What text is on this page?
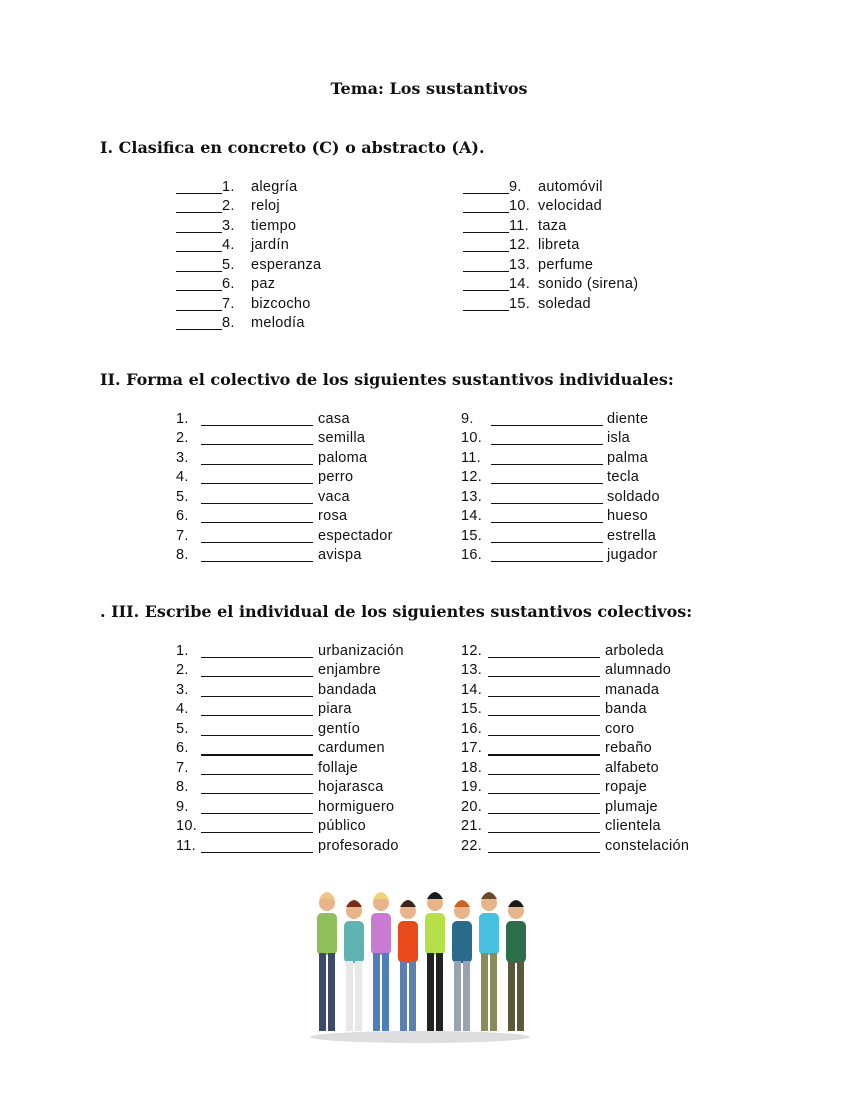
Tema: Los sustantivos
I. Clasifica en concreto (C) o abstracto (A).
II. Forma el colectivo de los siguientes sustantivos individuales:
. III. Escribe el individual de los siguientes sustantivos colectivos:
1. alegría
2. reloj
3. tiempo
4. jardín
5. esperanza
6. paz
7. bizcocho
8. melodía
9. automóvil
10. velocidad
11. taza
12. libreta
13. perfume
14. sonido (sirena)
15. soledad
1.	casa
2.	semilla
3.	paloma
4.	perro
5.	vaca
6.	rosa
7.	espectador
8.	avispa
9.	diente
10.	isla
11.	palma
12.	tecla
13.	soldado
14.	hueso
15.	estrella
16.	jugador
1.	urbanización
2.	enjambre
3.	bandada
4.	piara
5.	gentío
6.	cardumen
7.	follaje
8.	hojarasca
9.	hormiguero
10.	público
11.	profesorado
12.	arboleda
13.	alumnado
14.	manada
15.	banda
16.	coro
17.	rebaño
18.	alfabeto
19.	ropaje
20.	plumaje
21.	clientela
22.	constelación
